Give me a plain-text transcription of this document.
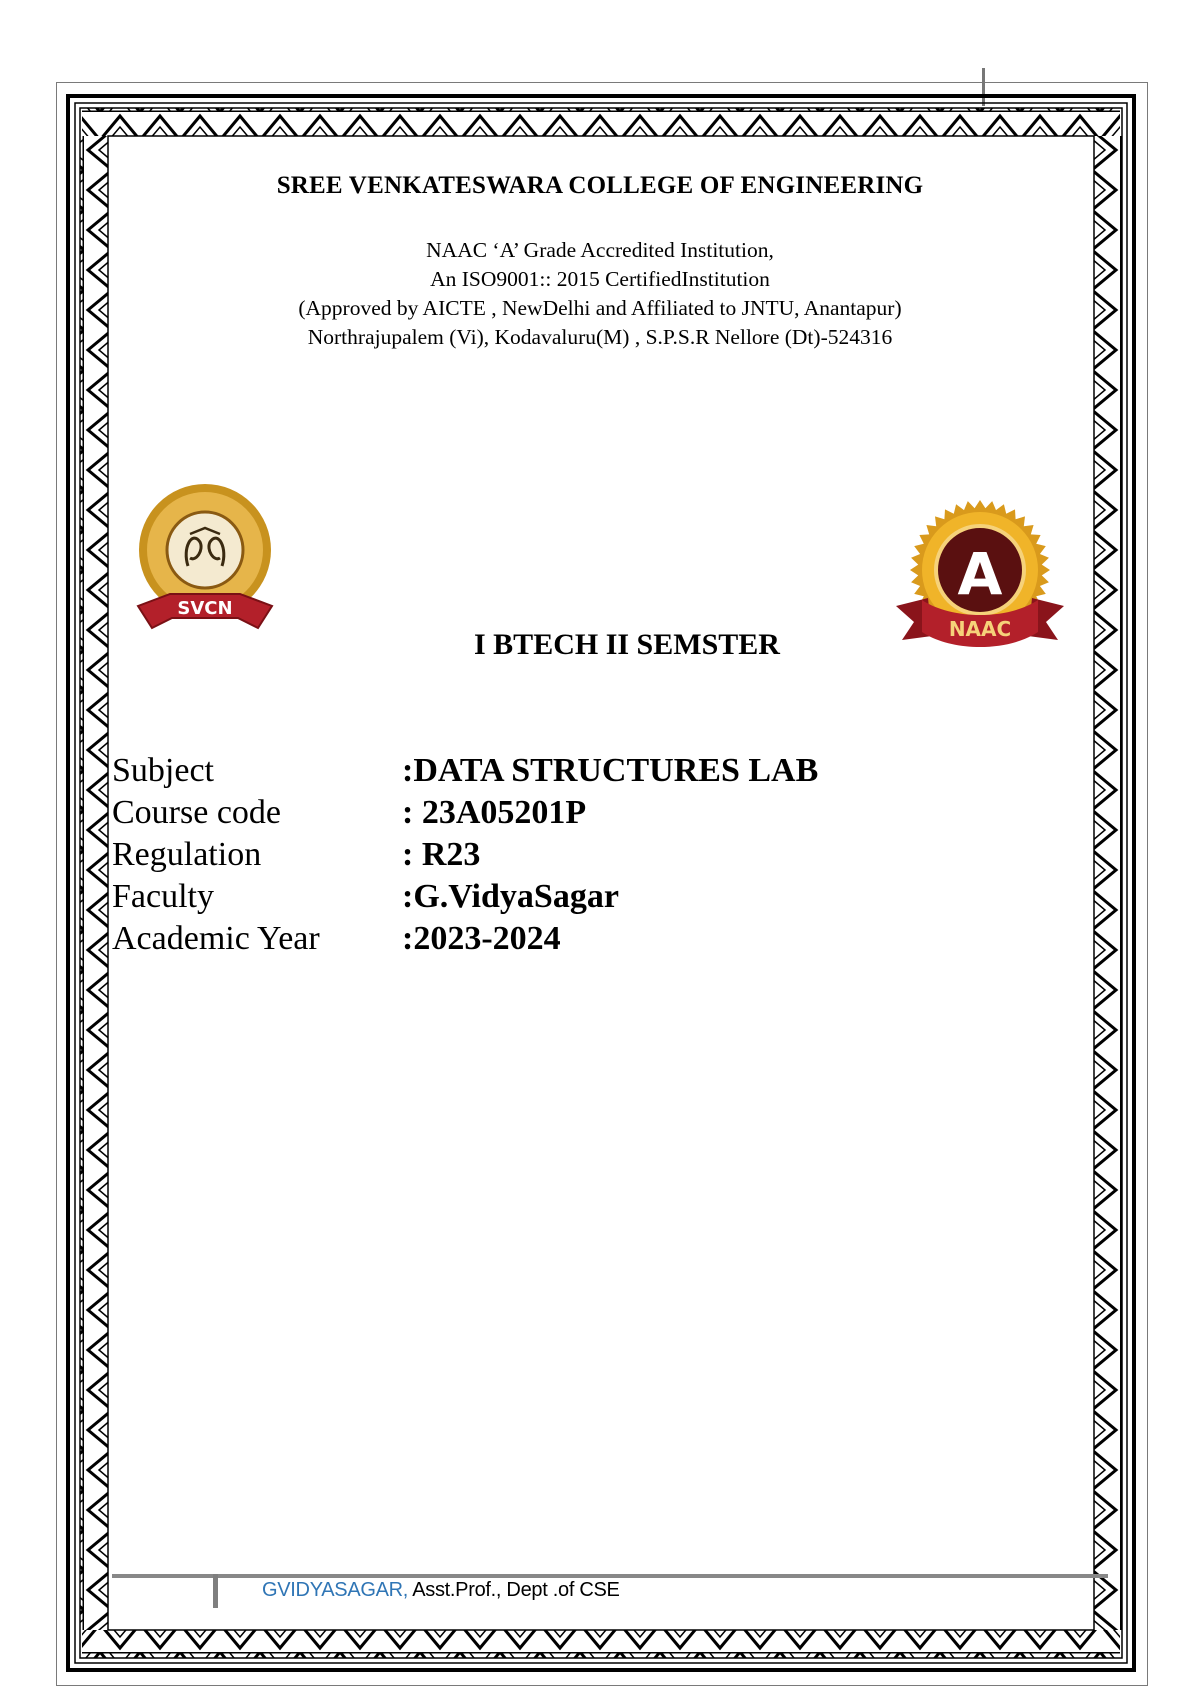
SREE VENKATESWARA COLLEGE OF ENGINEERING
NAAC ‘A’ Grade Accredited Institution,
An ISO9001:: 2015 CertifiedInstitution
(Approved by AICTE , NewDelhi and Affiliated to JNTU, Anantapur)
Northrajupalem (Vi), Kodavaluru(M) , S.P.S.R Nellore (Dt)-524316
SVCN
A
NAAC
I BTECH II SEMSTER
Subject	:DATA STRUCTURES LAB
Course code	: 23A05201P
Regulation	: R23
Faculty	:G.VidyaSagar
Academic Year	:2023-2024
GVIDYASAGAR, Asst.Prof., Dept .of CSE
